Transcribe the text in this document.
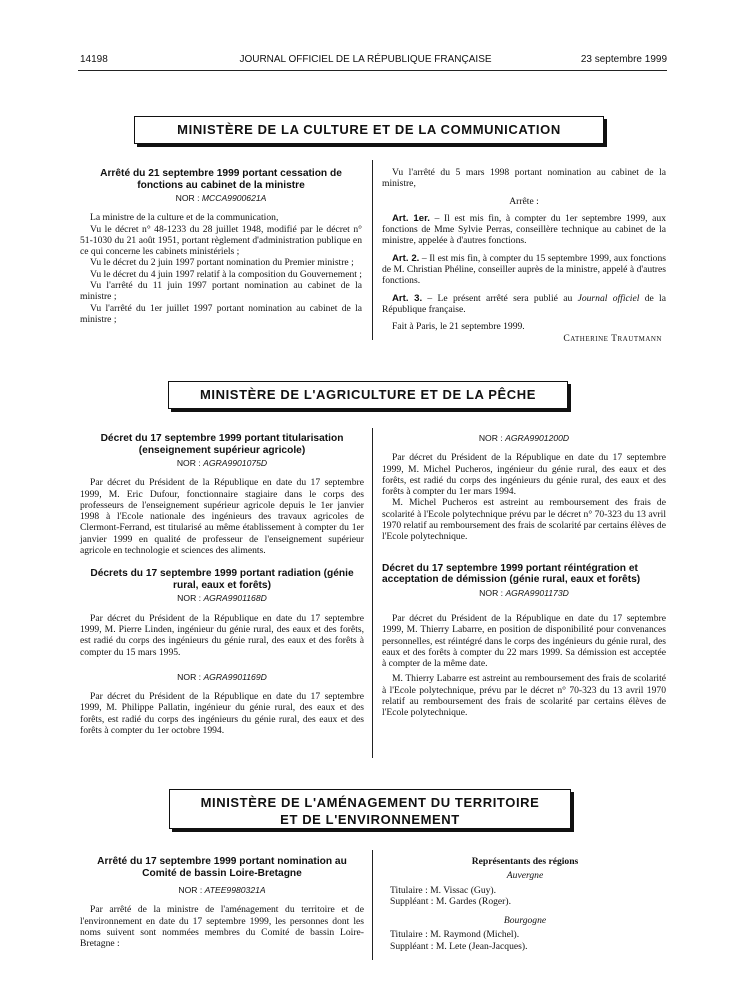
14198	JOURNAL OFFICIEL DE LA RÉPUBLIQUE FRANÇAISE	23 septembre 1999
MINISTÈRE DE LA CULTURE ET DE LA COMMUNICATION
Arrêté du 21 septembre 1999 portant cessation de fonctions au cabinet de la ministre
NOR : MCCA9900621A

La ministre de la culture et de la communication,

Vu le décret n° 48-1233 du 28 juillet 1948, modifié par le décret n° 51-1030 du 21 août 1951, portant règlement d'administration publique en ce qui concerne les cabinets ministériels ;

Vu le décret du 2 juin 1997 portant nomination du Premier ministre ;

Vu le décret du 4 juin 1997 relatif à la composition du Gouvernement ;

Vu l'arrêté du 11 juin 1997 portant nomination au cabinet de la ministre ;

Vu l'arrêté du 1er juillet 1997 portant nomination au cabinet de la ministre ;

Vu l'arrêté du 5 mars 1998 portant nomination au cabinet de la ministre,

Arrête :

Art. 1er. – Il est mis fin, à compter du 1er septembre 1999, aux fonctions de Mme Sylvie Perras, conseillère technique au cabinet de la ministre, appelée à d'autres fonctions.

Art. 2. – Il est mis fin, à compter du 15 septembre 1999, aux fonctions de M. Christian Phéline, conseiller auprès de la ministre, appelé à d'autres fonctions.

Art. 3. – Le présent arrêté sera publié au Journal officiel de la République française.

Fait à Paris, le 21 septembre 1999.

Catherine Trautmann
MINISTÈRE DE L'AGRICULTURE ET DE LA PÊCHE
Décret du 17 septembre 1999 portant titularisation (enseignement supérieur agricole)
NOR : AGRA9901075D

Par décret du Président de la République en date du 17 septembre 1999, M. Eric Dufour, fonctionnaire stagiaire dans le corps des professeurs de l'enseignement supérieur agricole depuis le 1er janvier 1998 à l'Ecole nationale des ingénieurs des travaux agricoles de Clermont-Ferrand, est titularisé au même établissement à compter du 1er janvier 1999 en qualité de professeur de l'enseignement supérieur agricole en technologie et sciences des aliments.

Décrets du 17 septembre 1999 portant radiation (génie rural, eaux et forêts)
NOR : AGRA9901168D

Par décret du Président de la République en date du 17 septembre 1999, M. Pierre Linden, ingénieur du génie rural, des eaux et des forêts, est radié du corps des ingénieurs du génie rural, des eaux et des forêts à compter du 15 mars 1995.

NOR : AGRA9901169D

Par décret du Président de la République en date du 17 septembre 1999, M. Philippe Pallatin, ingénieur du génie rural, des eaux et des forêts, est radié du corps des ingénieurs du génie rural, des eaux et des forêts à compter du 1er octobre 1994.

NOR : AGRA9901200D

Par décret du Président de la République en date du 17 septembre 1999, M. Michel Pucheros, ingénieur du génie rural, des eaux et des forêts, est radié du corps des ingénieurs du génie rural, des eaux et des forêts à compter du 1er mars 1994.

M. Michel Pucheros est astreint au remboursement des frais de scolarité à l'Ecole polytechnique prévu par le décret n° 70-323 du 13 avril 1970 relatif au remboursement des frais de scolarité par certains élèves de l'Ecole polytechnique.

Décret du 17 septembre 1999 portant réintégration et acceptation de démission (génie rural, eaux et forêts)
NOR : AGRA9901173D

Par décret du Président de la République en date du 17 septembre 1999, M. Thierry Labarre, en position de disponibilité pour convenances personnelles, est réintégré dans le corps des ingénieurs du génie rural, des eaux et des forêts à compter du 22 mars 1999. Sa démission est acceptée à compter de la même date.

M. Thierry Labarre est astreint au remboursement des frais de scolarité à l'Ecole polytechnique, prévu par le décret n° 70-323 du 13 avril 1970 relatif au remboursement des frais de scolarité par certains élèves de l'Ecole polytechnique.

MINISTÈRE DE L'AMÉNAGEMENT DU TERRITOIRE
ET DE L'ENVIRONNEMENT
Arrêté du 17 septembre 1999 portant nomination au Comité de bassin Loire-Bretagne
NOR : ATEE9980321A

Par arrêté de la ministre de l'aménagement du territoire et de l'environnement en date du 17 septembre 1999, les personnes dont les noms suivent sont nommées membres du Comité de bassin Loire-Bretagne :

Représentants des régions
Auvergne
Titulaire : M. Vissac (Guy).
Suppléant : M. Gardes (Roger).
Bourgogne
Titulaire : M. Raymond (Michel).
Suppléant : M. Lete (Jean-Jacques).
